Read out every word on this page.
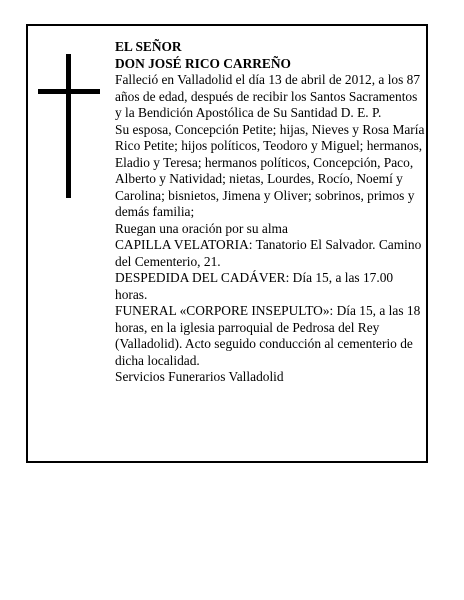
EL SEÑOR

DON JOSÉ RICO CARREÑO

Falleció en Valladolid el día 13 de abril de 2012, a los 87 años de edad, después de recibir los Santos Sacramentos y la Bendición Apostólica de Su Santidad D. E. P.

Su esposa, Concepción Petite; hijas, Nieves y Rosa María Rico Petite; hijos políticos, Teodoro y Miguel; hermanos, Eladio y Teresa; hermanos políticos, Concepción, Paco, Alberto y Natividad; nietas, Lourdes, Rocío, Noemí y Carolina; bisnietos, Jimena y Oliver; sobrinos, primos y demás familia;

Ruegan una oración por su alma

CAPILLA VELATORIA: Tanatorio El Salvador. Camino del Cementerio, 21.

DESPEDIDA DEL CADÁVER: Día 15, a las 17.00 horas.

FUNERAL «CORPORE INSEPULTO»: Día 15, a las 18 horas, en la iglesia parroquial de Pedrosa del Rey (Valladolid). Acto seguido conducción al cementerio de dicha localidad.

Servicios Funerarios Valladolid
